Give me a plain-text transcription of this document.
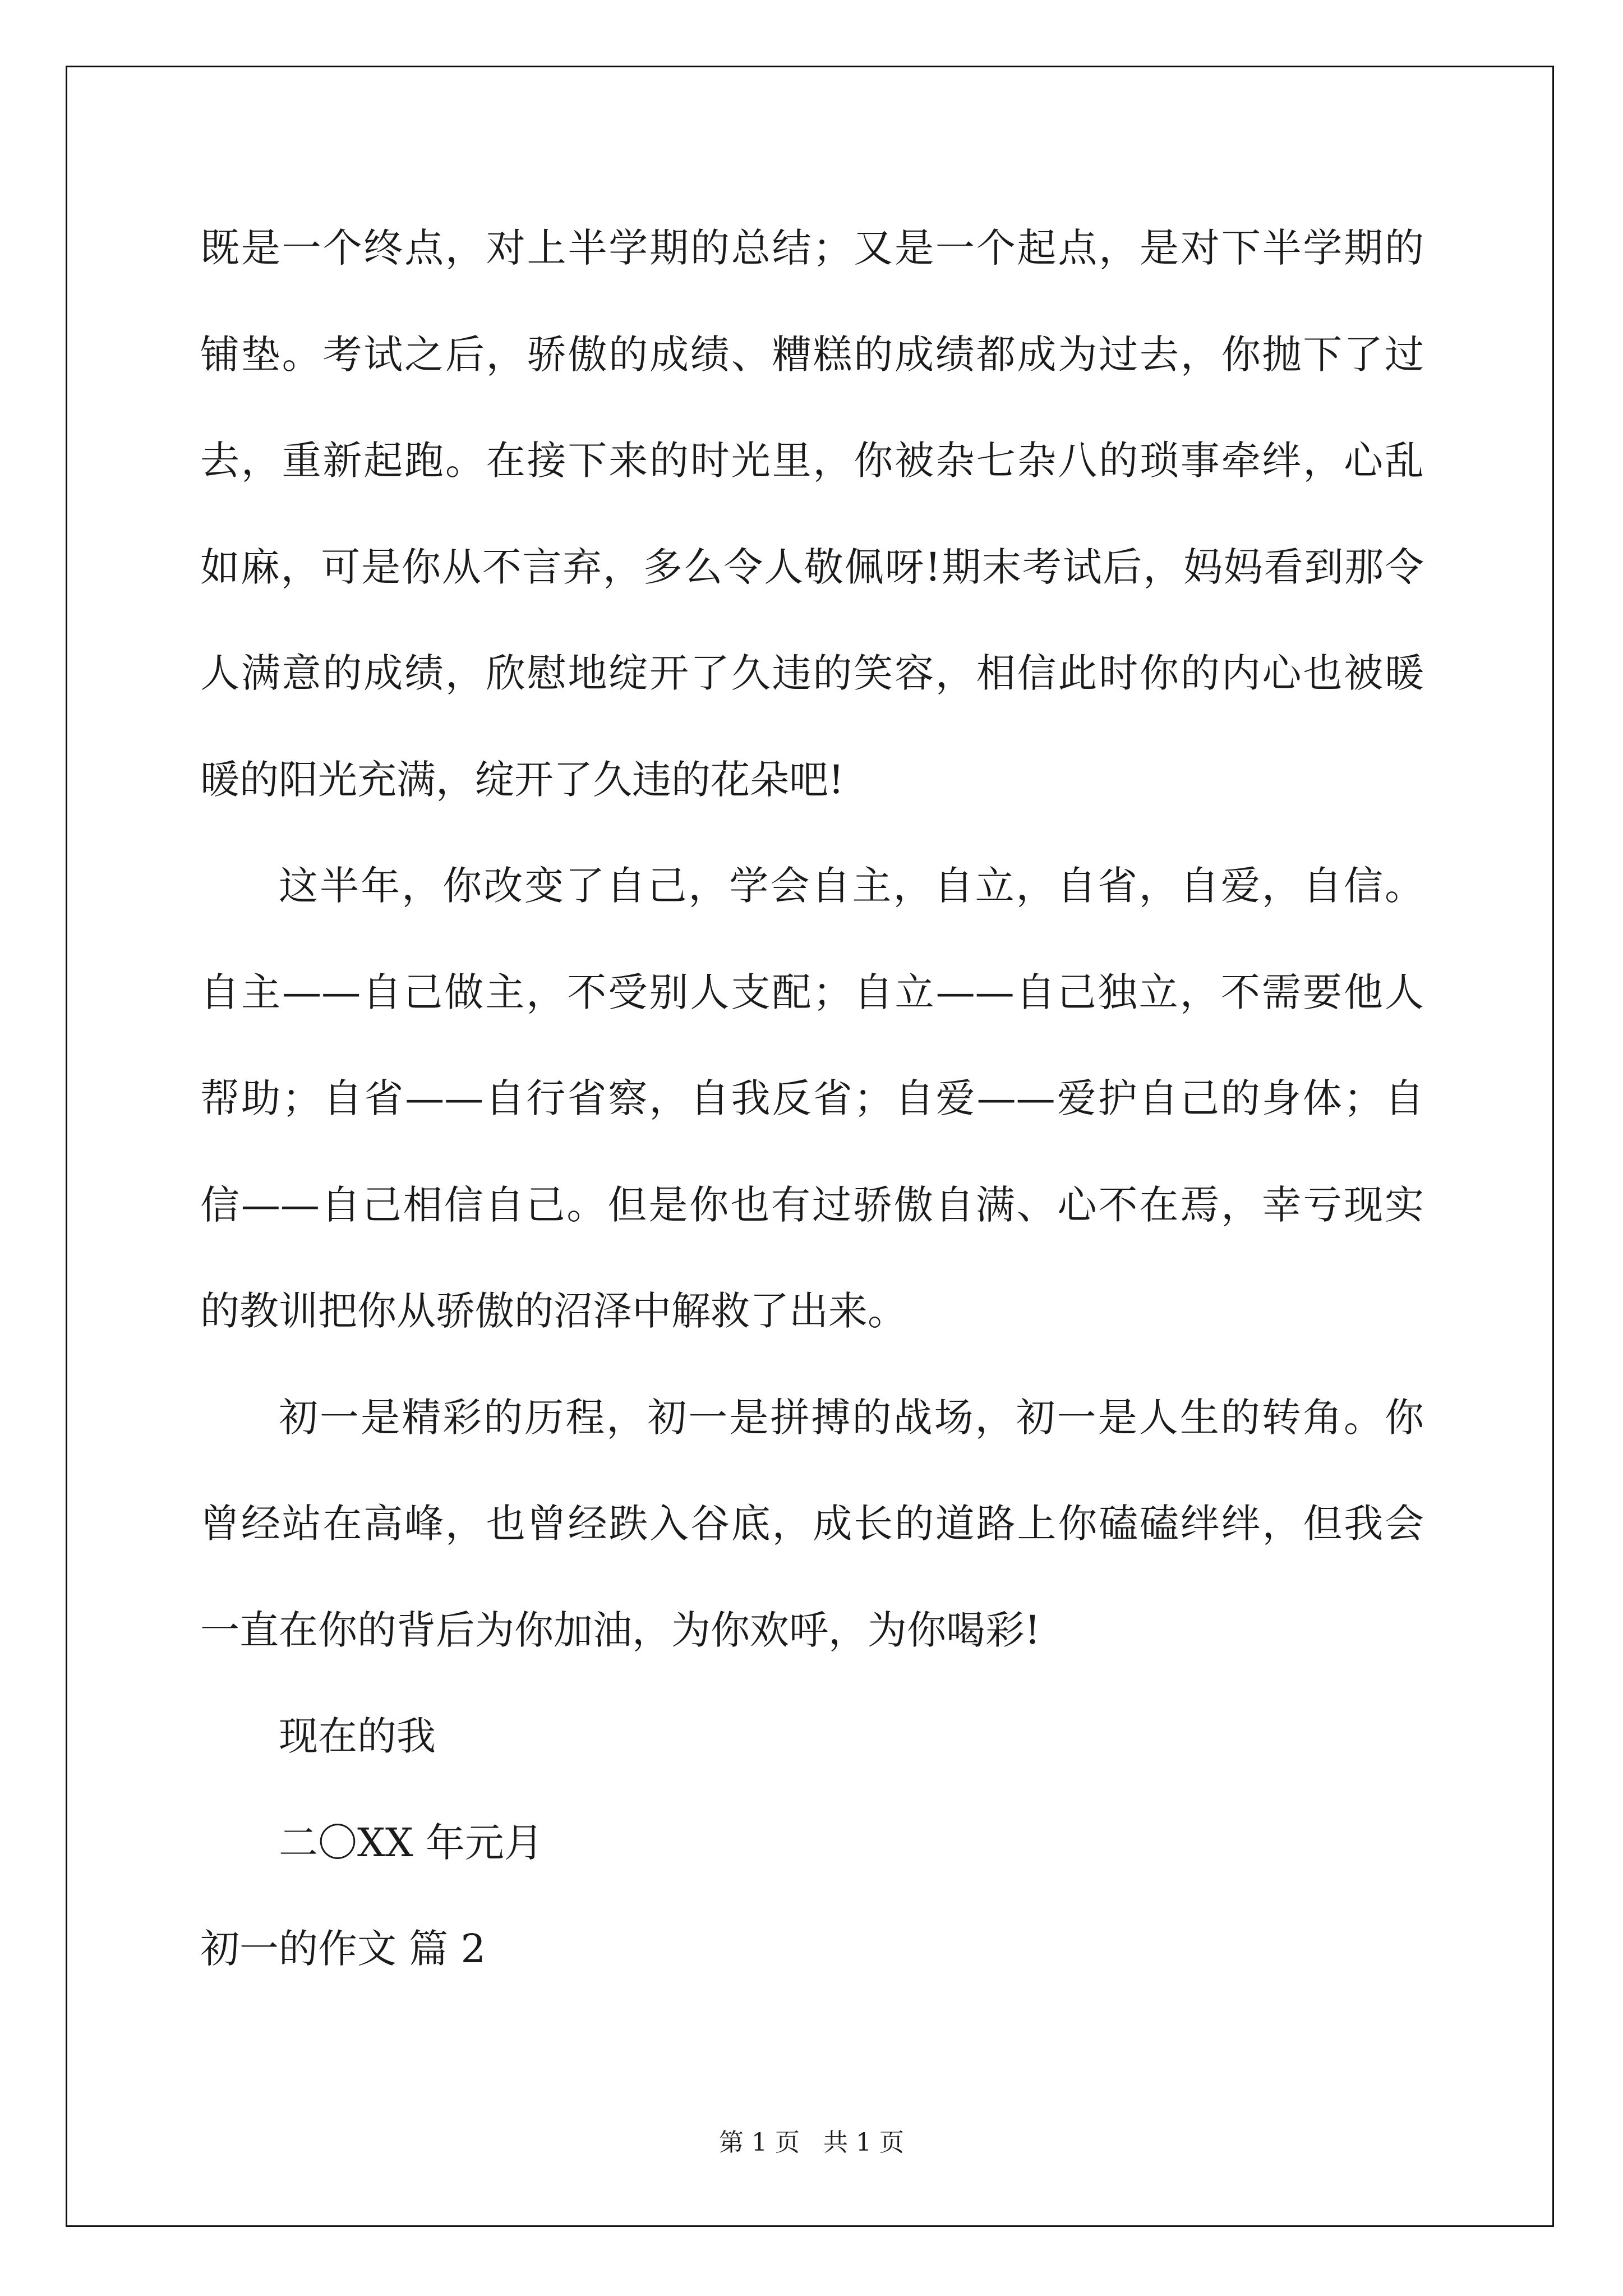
既是一个终点，对上半学期的总结；又是一个起点，是对下半学期的
铺垫。考试之后，骄傲的成绩、糟糕的成绩都成为过去，你抛下了过
去，重新起跑。在接下来的时光里，你被杂七杂八的琐事牵绊，心乱
如麻，可是你从不言弃，多么令人敬佩呀!期末考试后，妈妈看到那令
人满意的成绩，欣慰地绽开了久违的笑容，相信此时你的内心也被暖
暖的阳光充满，绽开了久违的花朵吧!
这半年，你改变了自己，学会自主，自立，自省，自爱，自信。
自主——自己做主，不受别人支配；自立——自己独立，不需要他人
帮助；自省——自行省察，自我反省；自爱——爱护自己的身体；自
信——自己相信自己。但是你也有过骄傲自满、心不在焉，幸亏现实
的教训把你从骄傲的沼泽中解救了出来。
初一是精彩的历程，初一是拼搏的战场，初一是人生的转角。你
曾经站在高峰，也曾经跌入谷底，成长的道路上你磕磕绊绊，但我会
一直在你的背后为你加油，为你欢呼，为你喝彩!
现在的我
二〇XX 年元月
初一的作文 篇 2
第 1 页   共 1 页
